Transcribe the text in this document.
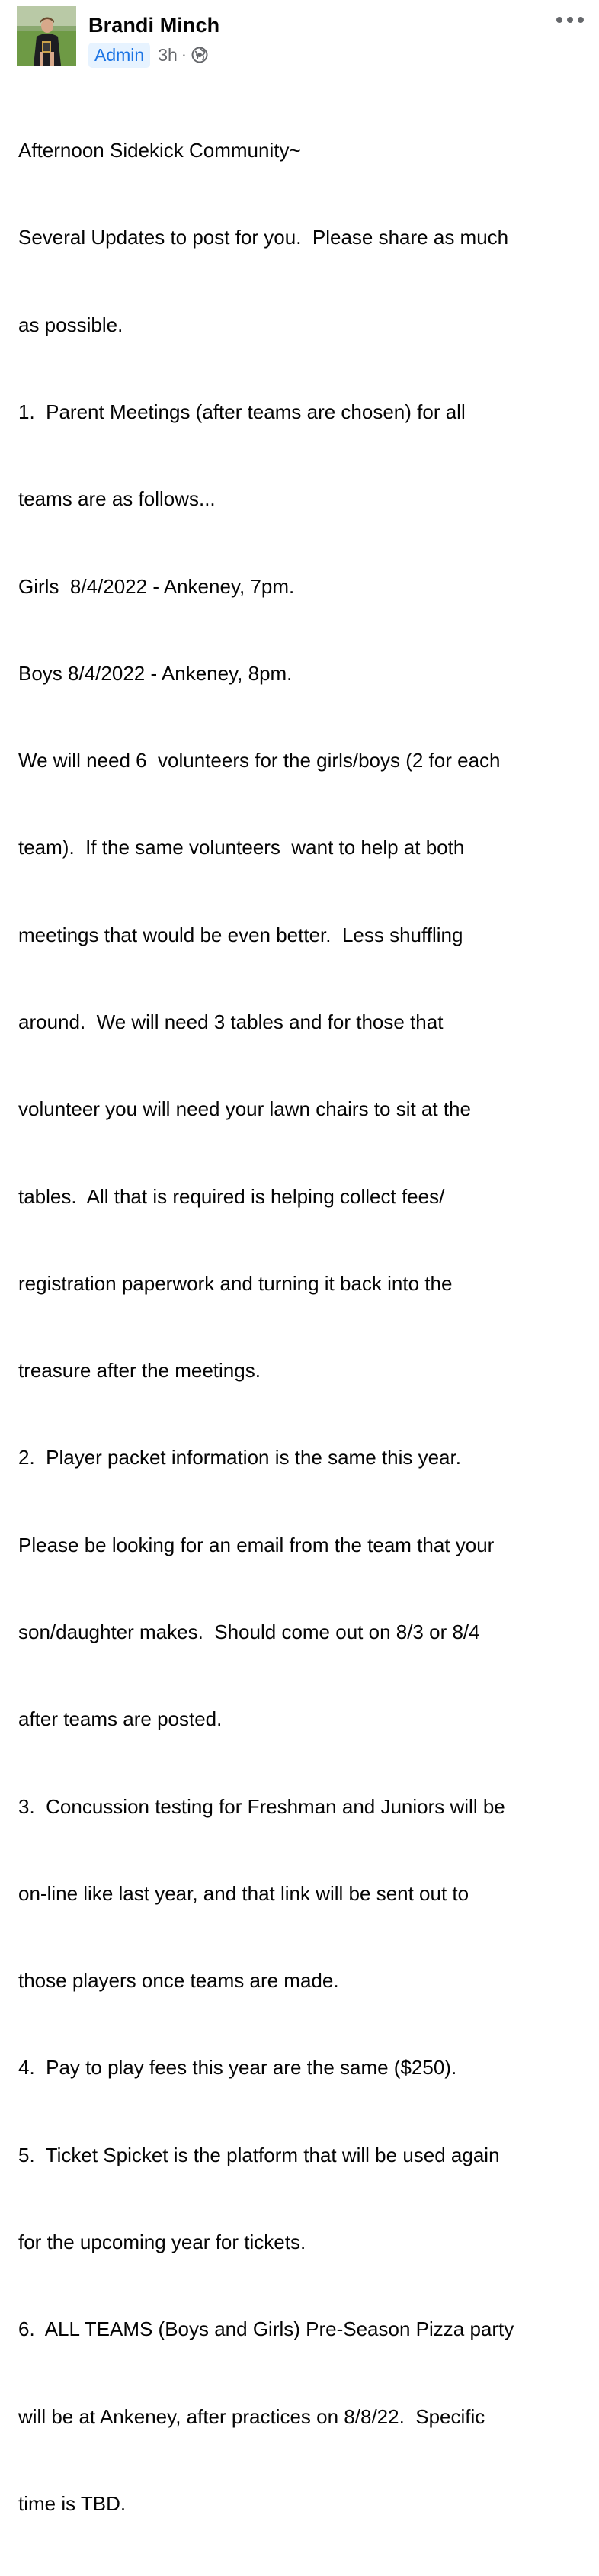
Brandi Minch
Admin 3h ·

Afternoon Sidekick Community~

Several Updates to post for you.  Please share as much

as possible.

1.  Parent Meetings (after teams are chosen) for all

teams are as follows...

Girls  8/4/2022 - Ankeney, 7pm.

Boys 8/4/2022 - Ankeney, 8pm.

We will need 6  volunteers for the girls/boys (2 for each

team).  If the same volunteers  want to help at both

meetings that would be even better.  Less shuffling

around.  We will need 3 tables and for those that

volunteer you will need your lawn chairs to sit at the

tables.  All that is required is helping collect fees/

registration paperwork and turning it back into the

treasure after the meetings.

2.  Player packet information is the same this year.

Please be looking for an email from the team that your

son/daughter makes.  Should come out on 8/3 or 8/4

after teams are posted.

3.  Concussion testing for Freshman and Juniors will be

on-line like last year, and that link will be sent out to

those players once teams are made.

4.  Pay to play fees this year are the same ($250).

5.  Ticket Spicket is the platform that will be used again

for the upcoming year for tickets.

6.  ALL TEAMS (Boys and Girls) Pre-Season Pizza party

will be at Ankeney, after practices on 8/8/22.  Specific

time is TBD.
